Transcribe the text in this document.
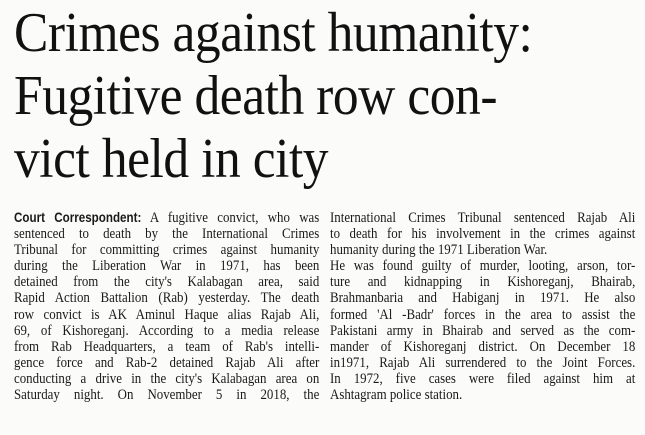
Crimes against humanity:
Fugitive death row con-
vict held in city
Court Correspondent: A fugitive convict, who was
sentenced to death by the International Crimes
Tribunal for committing crimes against humanity
during the Liberation War in 1971, has been
detained from the city's Kalabagan area, said
Rapid Action Battalion (Rab) yesterday. The death
row convict is AK Aminul Haque alias Rajab Ali,
69, of Kishoreganj. According to a media release
from Rab Headquarters, a team of Rab's intelli-
gence force and Rab-2 detained Rajab Ali after
conducting a drive in the city's Kalabagan area on
Saturday night. On November 5 in 2018, the
International Crimes Tribunal sentenced Rajab Ali
to death for his involvement in the crimes against
humanity during the 1971 Liberation War.
He was found guilty of murder, looting, arson, tor-
ture and kidnapping in Kishoreganj, Bhairab,
Brahmanbaria and Habiganj in 1971. He also
formed 'Al -Badr' forces in the area to assist the
Pakistani army in Bhairab and served as the com-
mander of Kishoreganj district. On December 18
in1971, Rajab Ali surrendered to the Joint Forces.
In 1972, five cases were filed against him at
Ashtagram police station.
